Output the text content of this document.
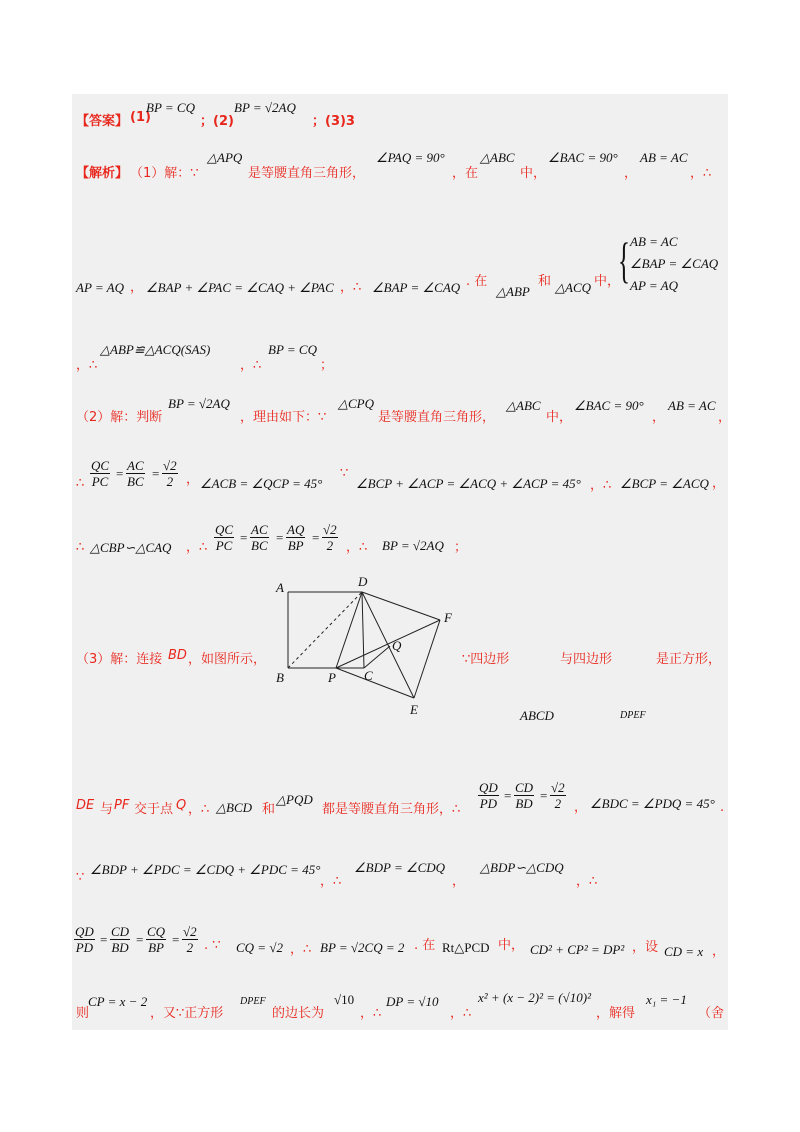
【答案】 (1)
BP = CQ
；(2)
BP = √2AQ
；(3)3
【解析】 （1）解：∵
△APQ
是等腰直角三角形，
∠PAQ = 90°
，在
△ABC
中，
∠BAC = 90°
，
AB = AC
，∴
AP = AQ ， ∠BAP + ∠PAC = ∠CAQ + ∠PAC ，∴ ∠BAP = ∠CAQ . 在
△ABP
和 △ACQ 中，
{ AB = AC
∠BAP = ∠CAQ
AP = AQ
，∴
△ABP≌△ACQ(SAS)
，∴
BP = CQ
；
（2）解：判断
BP = √2AQ
，理由如下：∵
△CPQ
是等腰直角三角形，
△ABC
中，
∠BAC = 90°
，
AB = AC
，
∴ $\frac{QC}{PC} = \frac{AC}{BC} = \frac{√2}{2}$ ， ∠ACB = ∠QCP = 45°
∵
∠BCP + ∠ACP = ∠ACQ + ∠ACP = 45° ，∴ ∠BCP = ∠ACQ ，
∴ △CBP∽△CAQ ，∴ $\frac{QC}{PC} = \frac{AC}{BC} = \frac{AQ}{BP} = \frac{√2}{2}$ ，∴ BP = √2AQ ；
A	D
F
Q
B	P C
E
（3）解：连接 BD ，如图所示，	∵四边形	与四边形	是正方形，
ABCD	DPEF
DE 与 PF 交于点 Q ，∴ △BCD 和
△PQD
都是等腰直角三角形，∴ $\frac{QD}{PD} = \frac{CD}{BD} = \frac{√2}{2}$ ， ∠BDC = ∠PDQ = 45° .
∵
∠BDP + ∠PDC = ∠CDQ + ∠PDC = 45°
，∴
∠BDP = ∠CDQ
，
△BDP∽△CDQ
，∴
$\frac{QD}{PD} = \frac{CD}{BD} = \frac{CQ}{BP} = \frac{√2}{2}$ . ∵ CQ = √2 ，∴ BP = √2CQ = 2 . 在 Rt△PCD 中， CD² + CP² = DP² ，设 CD = x ，
则
CP = x − 2
，又∵正方形
DPEF
的边长为
√10
，∴
DP = √10
，∴
x² + (x − 2)² = (√10)²
，解得
x₁ = −1
（舍
